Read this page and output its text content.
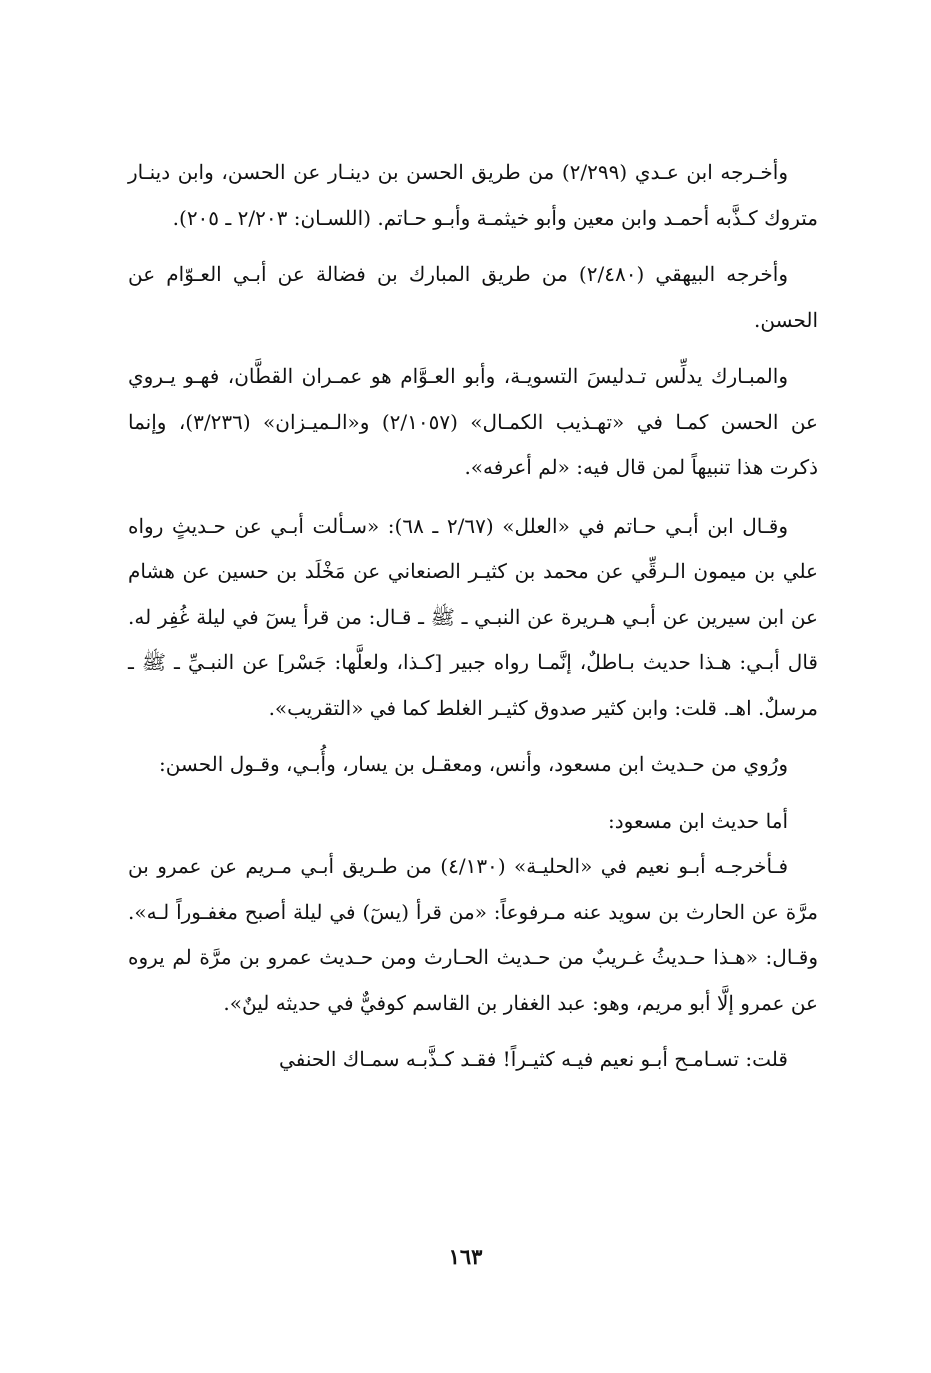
وأخـرجه ابن عـدي (٢/٢٩٩) من طريق الحسن بن دينـار عن الحسن، وابن دينـار متروك كـذَّبه أحمـد وابن معين وأبو خيثمـة وأبـو حـاتم. (اللسـان: ٢/٢٠٣ ـ ٢٠٥).

وأخرجه البيهقي (٢/٤٨٠) من طريق المبارك بن فضالة عن أبـي العـوّام عن الحسن.

والمبـارك يدلِّس تـدليسَ التسويـة، وأبو العـوَّام هو عمـران القطَّان، فهـو يـروي عن الحسن كمـا في «تهـذيب الكمـال» (٢/١٠٥٧) و«الـميـزان» (٣/٢٣٦)، وإنما ذكرت هذا تنبيهاً لمن قال فيه: «لم أعرفه».

وقـال ابن أبـي حـاتم في «العلل» (٢/٦٧ ـ ٦٨): «سـألت أبـي عن حـديثٍ رواه علي بن ميمون الـرقِّي عن محمد بن كثيـر الصنعاني عن مَخْلَد بن حسين عن هشام عن ابن سيرين عن أبـي هـريرة عن النبـي ـ ﷺ ـ قـال: من قرأ يسٓ في ليلة غُفِر له. قال أبـي: هـذا حديث بـاطلٌ، إنَّمـا رواه جبير [كـذا، ولعلَّها: جَسْر] عن النبـيِّ ـ ﷺ ـ مرسلٌ. اهـ. قلت: وابن كثير صدوق كثيـر الغلط كما في «التقريب».

ورُوي من حـديث ابن مسعود، وأنس، ومعقـل بن يسار، وأُبـي، وقـول الحسن:

أما حديث ابن مسعود:

فـأخرجـه أبـو نعيم في «الحليـة» (٤/١٣٠) من طـريق أبـي مـريم عن عمرو بن مرَّة عن الحارث بن سويد عنه مـرفوعاً: «من قرأ (يسٓ) في ليلة أصبح مغفـوراً لـه». وقـال: «هـذا حـديثُ غـريبٌ من حـديث الحـارث ومن حـديث عمرو بن مرَّة لم يروه عن عمرو إلَّا أبو مريم، وهو: عبد الغفار بن القاسم كوفيٌّ في حديثه لينٌ».

قلت: تسـامـح أبـو نعيم فيـه كثيـراً! فقـد كـذَّبـه سمـاك الحنفي

١٦٣
